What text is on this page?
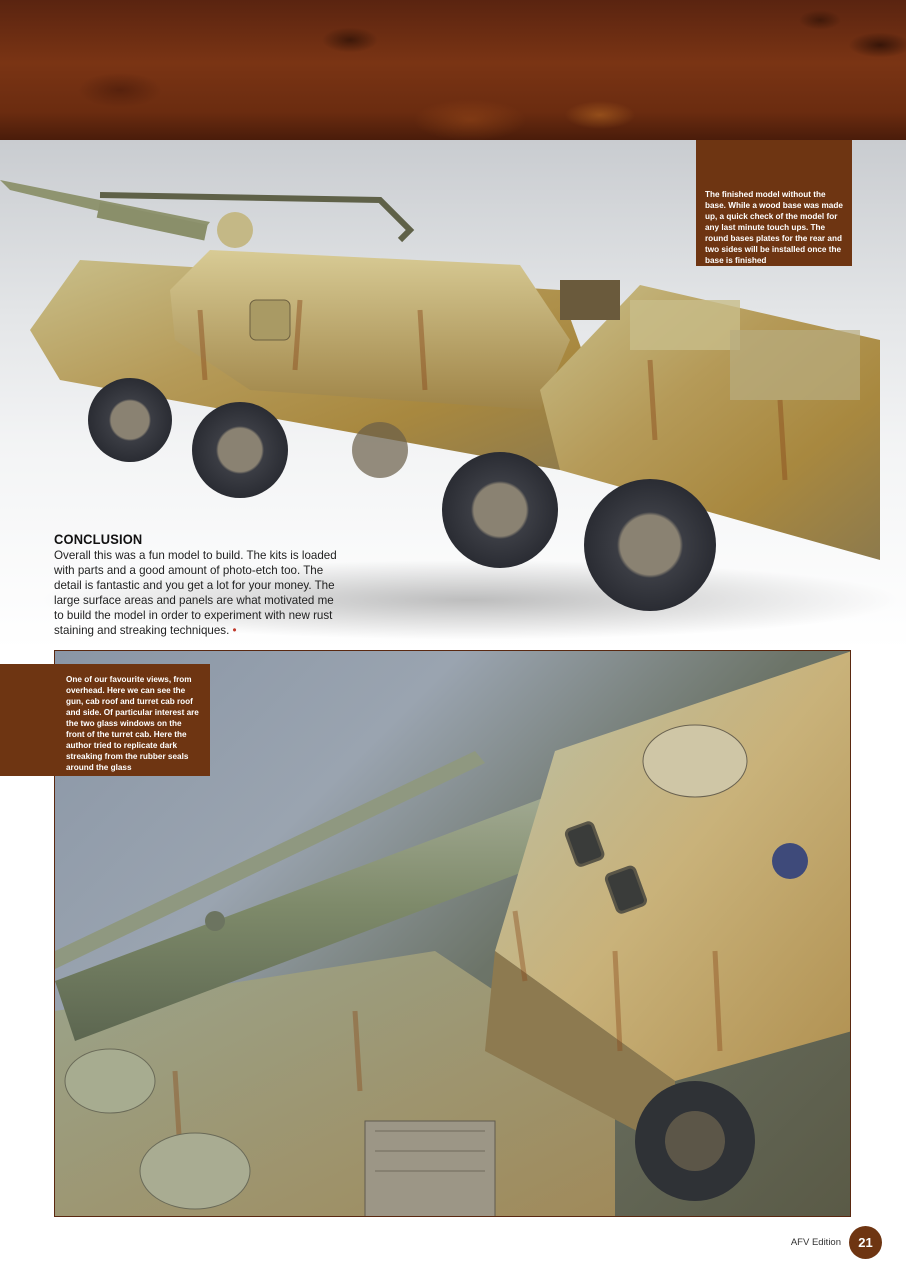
The finished model without the base. While a wood base was made up, a quick check of the model for any last minute touch ups. The round bases plates for the rear and two sides will be installed once the base is finished
CONCLUSION

Overall this was a fun model to build. The kits is loaded with parts and a good amount of photo-etch too. The detail is fantastic and you get a lot for your money. The large surface areas and panels are what motivated me to build the model in order to experiment with new rust staining and streaking techniques. •

One of our favourite views, from overhead. Here we can see the gun, cab roof and turret cab roof and side. Of particular interest are the two glass windows on the front of the turret cab. Here the author tried to replicate dark streaking from the rubber seals around the glass
AFV Edition	21
